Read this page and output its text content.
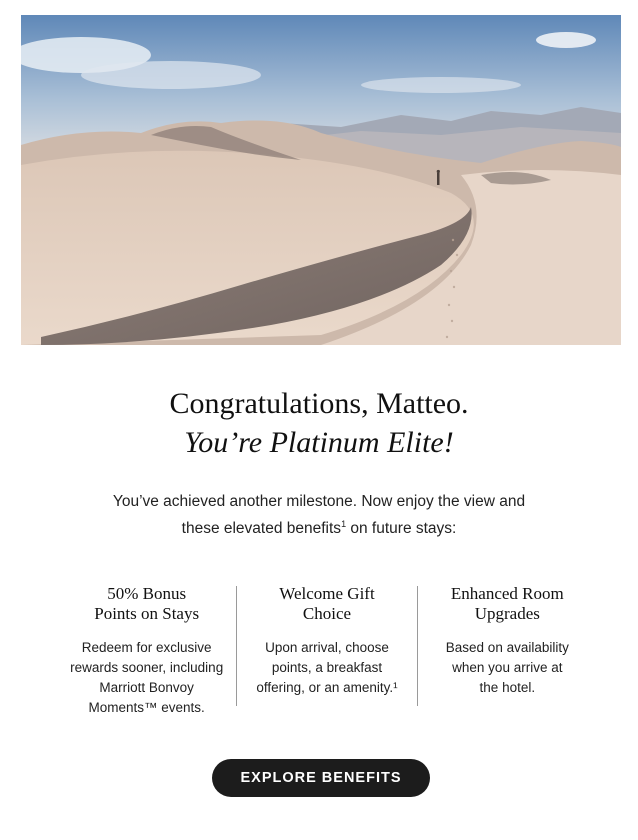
Congratulations, Matteo.
You’re Platinum Elite!
You’ve achieved another milestone. Now enjoy the view and
these elevated benefits$^1$ on future stays:
50% Bonus
Points on Stays
Redeem for exclusive
rewards sooner, including
Marriott Bonvoy
Moments™ events.
Welcome Gift
Choice
Upon arrival, choose
points, a breakfast
offering, or an amenity.¹
Enhanced Room
Upgrades
Based on availability
when you arrive at
the hotel.
EXPLORE BENEFITS
